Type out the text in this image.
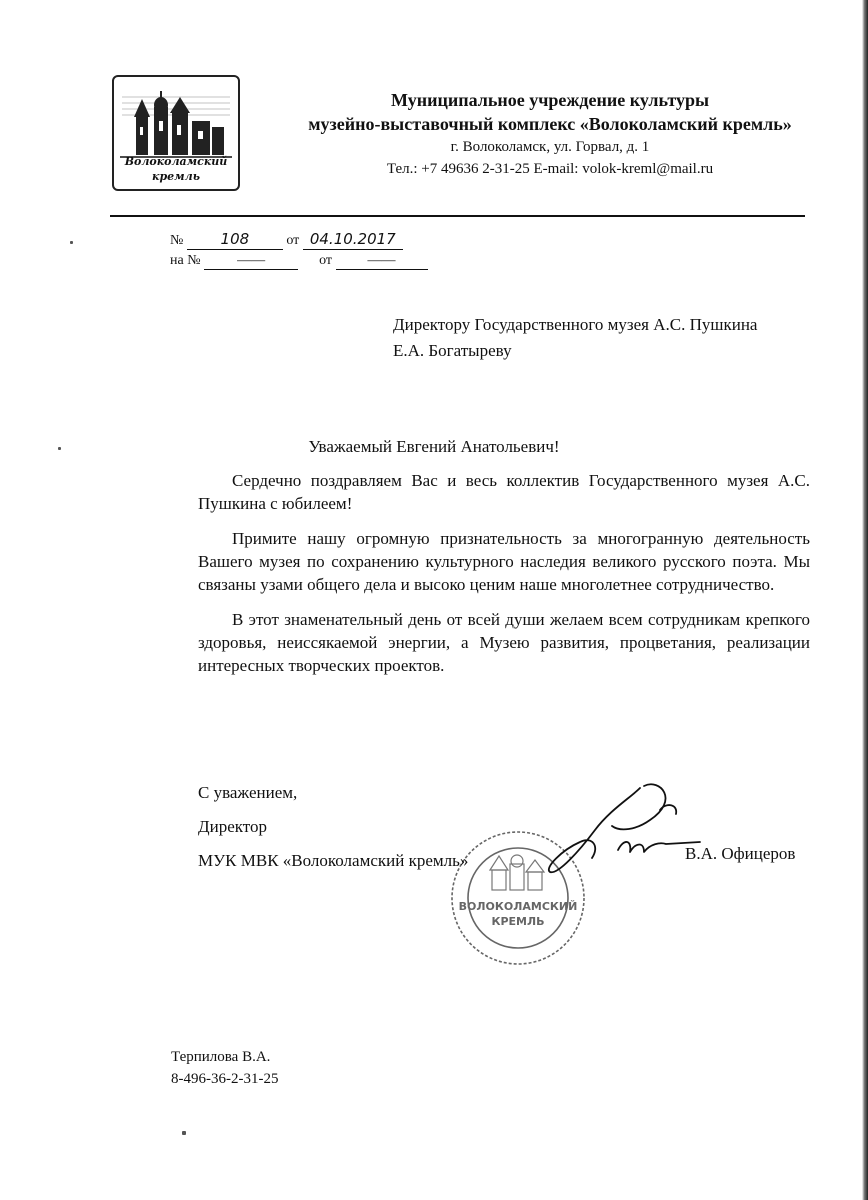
Волоколамский
кремль

Муниципальное учреждение культуры

музейно-выставочный комплекс «Волоколамский кремль»

г. Волоколамск, ул. Горвал, д. 1

Тел.: +7 49636 2-31-25 E-mail: volok-kreml@mail.ru

№ 108	от 04.10.2017
на №	——	от	——
Директору Государственного музея А.С. Пушкина
Е.А. Богатыреву
Уважаемый Евгений Анатольевич!

Сердечно поздравляем Вас и весь коллектив Государственного музея А.С. Пушкина с юбилеем!

Примите нашу огромную признательность за многогранную деятельность Вашего музея по сохранению культурного наследия великого русского поэта. Мы связаны узами общего дела и высоко ценим наше многолетнее сотрудничество.

В этот знаменательный день от всей души желаем всем сотрудникам крепкого здоровья, неиссякаемой энергии, а Музею развития, процветания, реализации интересных творческих проектов.

ВОЛОКОЛАМСКИЙ
КРЕМЛЬ
С уважением,
Директор
МУК МВК «Волоколамский кремль»	В.А. Офицеров
Терпилова В.А.
8-496-36-2-31-25
